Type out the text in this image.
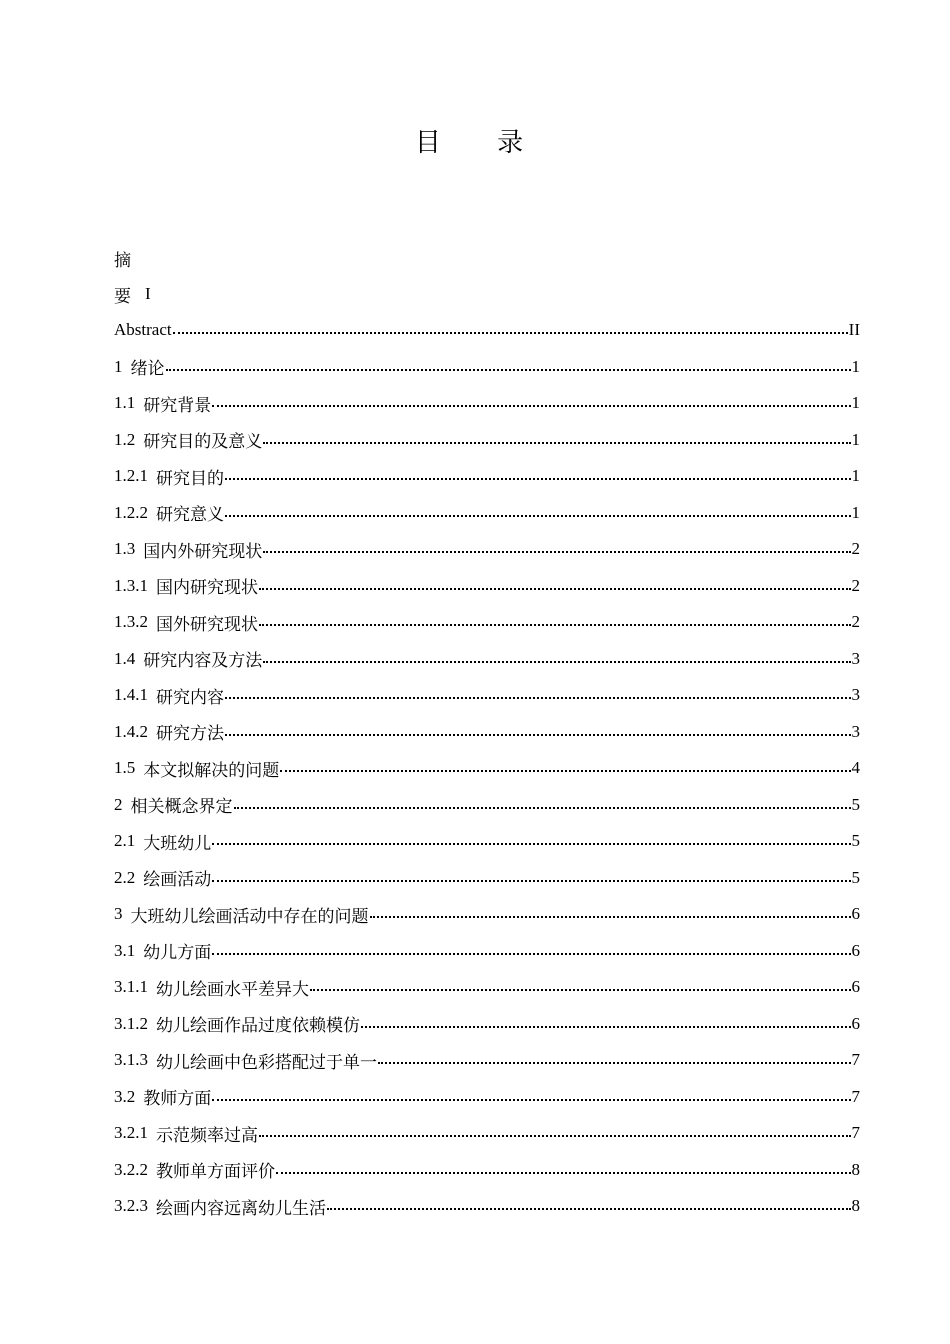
目 录
摘
要 I
Abstract	II
1 绪论	1
1.1 研究背景	1
1.2 研究目的及意义	1
1.2.1 研究目的	1
1.2.2 研究意义	1
1.3 国内外研究现状	2
1.3.1 国内研究现状	2
1.3.2 国外研究现状	2
1.4 研究内容及方法	3
1.4.1 研究内容	3
1.4.2 研究方法	3
1.5 本文拟解决的问题	4
2 相关概念界定	5
2.1 大班幼儿	5
2.2 绘画活动	5
3 大班幼儿绘画活动中存在的问题	6
3.1 幼儿方面	6
3.1.1 幼儿绘画水平差异大	6
3.1.2 幼儿绘画作品过度依赖模仿	6
3.1.3 幼儿绘画中色彩搭配过于单一	7
3.2 教师方面	7
3.2.1 示范频率过高	7
3.2.2 教师单方面评价	8
3.2.3 绘画内容远离幼儿生活	8
